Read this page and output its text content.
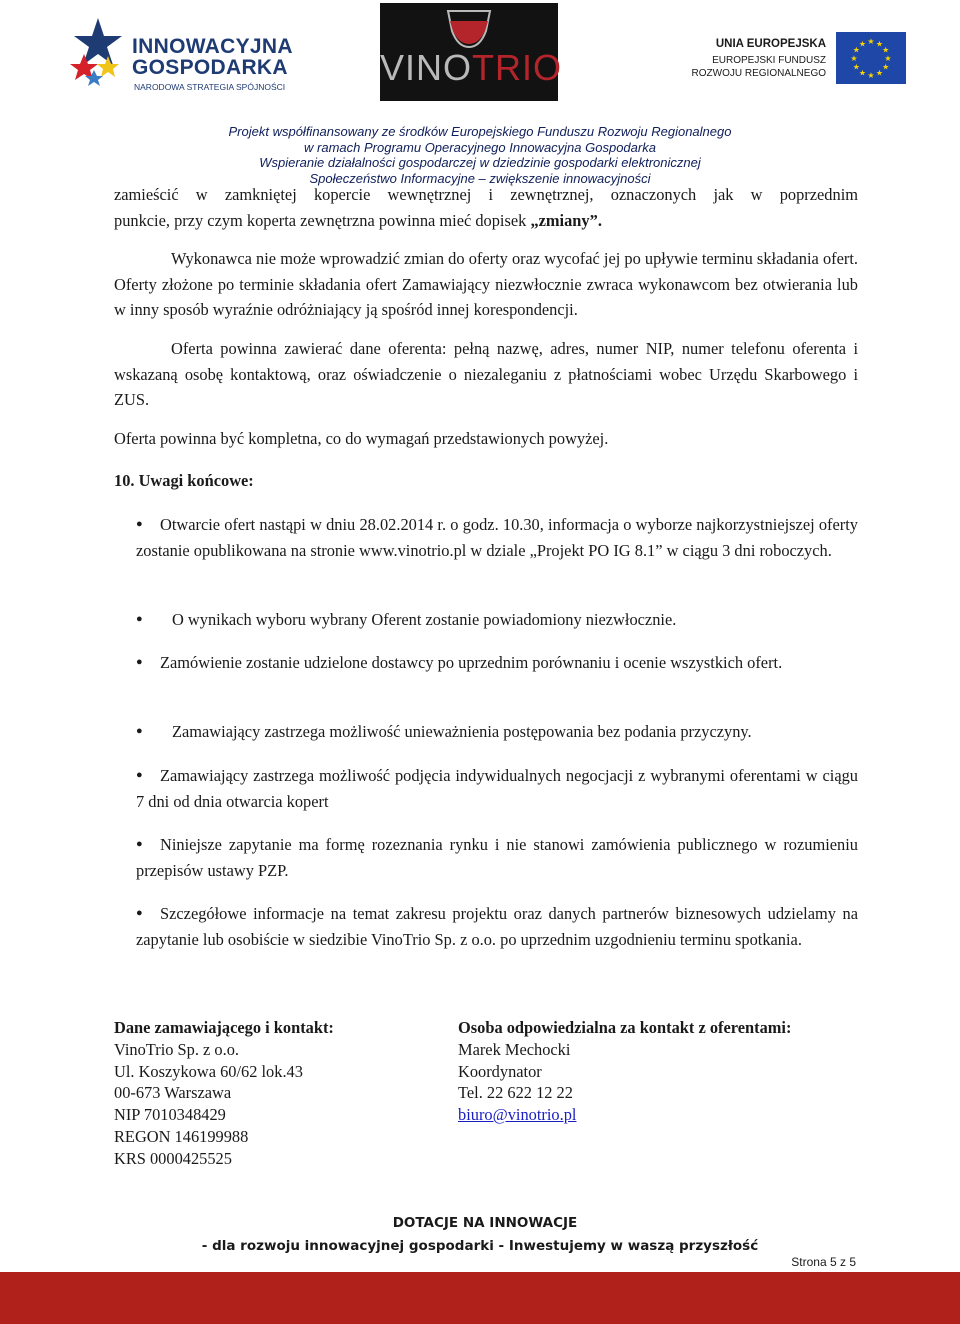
INNOWACYJNA
GOSPODARKA
NARODOWA STRATEGIA SPÓJNOŚCI	VINOTRIO
UNIA EUROPEJSKA
EUROPEJSKI FUNDUSZ
ROZWOJU REGIONALNEGO
★
★
★
★
★
★
★
★
★ ★ ★
★
Projekt współfinansowany ze środków Europejskiego Funduszu Rozwoju Regionalnego
w ramach Programu Operacyjnego Innowacyjna Gospodarka
Wspieranie działalności gospodarczej w dziedzinie gospodarki elektronicznej
Społeczeństwo Informacyjne – zwiększenie innowacyjności
zamieścić w zamkniętej kopercie wewnętrznej i zewnętrznej, oznaczonych jak w poprzednim
punkcie, przy czym koperta zewnętrzna powinna mieć dopisek „zmiany”.
Wykonawca nie może wprowadzić zmian do oferty oraz wycofać jej po upływie terminu składania ofert. Oferty złożone po terminie składania ofert Zamawiający niezwłocznie zwraca wykonawcom bez otwierania lub w inny sposób wyraźnie odróżniający ją spośród innej korespondencji.
Oferta powinna zawierać dane oferenta: pełną nazwę, adres, numer NIP, numer telefonu oferenta i wskazaną osobę kontaktową, oraz oświadczenie o niezaleganiu z płatnościami wobec Urzędu Skarbowego i ZUS.
Oferta powinna być kompletna, co do wymagań przedstawionych powyżej.
10. Uwagi końcowe:
●	Otwarcie ofert nastąpi w dniu 28.02.2014 r. o godz. 10.30, informacja o wyborze najkorzystniejszej oferty zostanie opublikowana na stronie www.vinotrio.pl w dziale „Projekt PO IG 8.1” w ciągu 3 dni roboczych.
● O wynikach wyboru wybrany Oferent zostanie powiadomiony niezwłocznie.
●	Zamówienie zostanie udzielone dostawcy po uprzednim porównaniu i ocenie wszystkich ofert.
● Zamawiający zastrzega możliwość unieważnienia postępowania bez podania przyczyny.
●	Zamawiający zastrzega możliwość podjęcia indywidualnych negocjacji z wybranymi oferentami w ciągu 7 dni od dnia otwarcia kopert
●	Niniejsze zapytanie ma formę rozeznania rynku i nie stanowi zamówienia publicznego w rozumieniu przepisów ustawy PZP.
●	Szczegółowe informacje na temat zakresu projektu oraz danych partnerów biznesowych udzielamy na zapytanie lub osobiście w siedzibie VinoTrio Sp. z o.o. po uprzednim uzgodnieniu terminu spotkania.
Dane zamawiającego i kontakt:
VinoTrio Sp. z o.o.
Ul. Koszykowa 60/62 lok.43
00-673 Warszawa
NIP 7010348429
REGON 146199988
KRS 0000425525
Osoba odpowiedzialna za kontakt z oferentami:
Marek Mechocki
Koordynator
Tel. 22 622 12 22
biuro@vinotrio.pl
DOTACJE NA INNOWACJE
- dla rozwoju innowacyjnej gospodarki - Inwestujemy w waszą przyszłość
Strona 5 z 5
